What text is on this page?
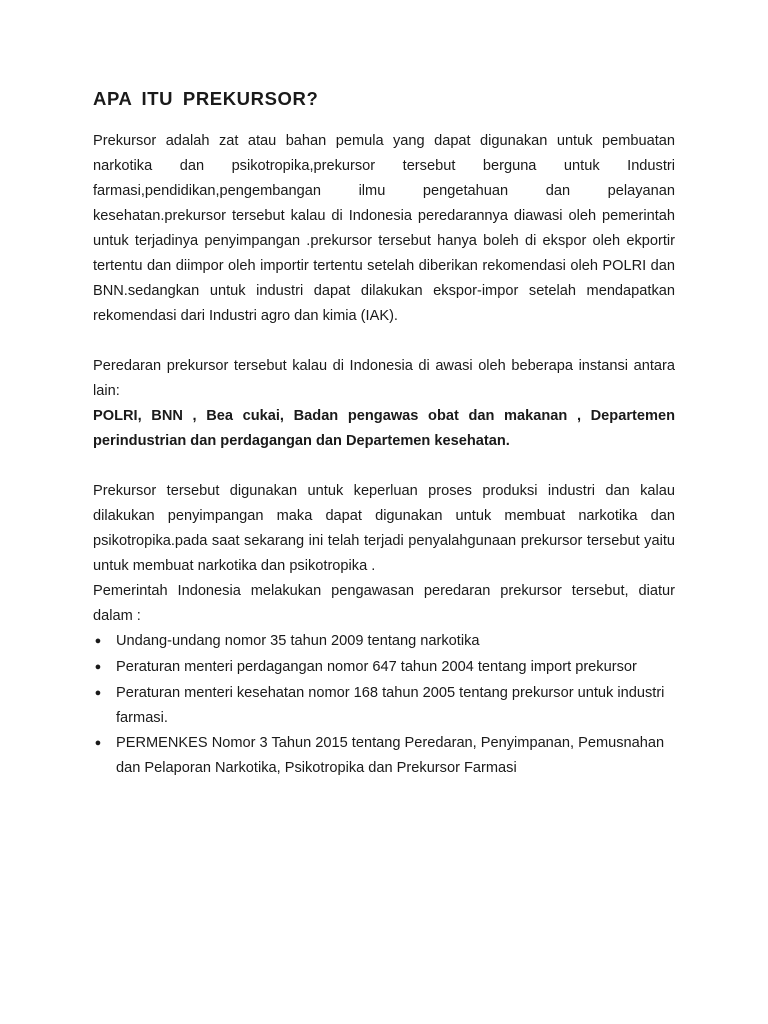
APA ITU PREKURSOR?

Prekursor adalah zat atau bahan pemula yang dapat digunakan untuk pembuatan narkotika dan psikotropika,prekursor tersebut berguna untuk Industri farmasi,pendidikan,pengembangan ilmu pengetahuan dan pelayanan kesehatan.prekursor tersebut kalau di Indonesia peredarannya diawasi oleh pemerintah untuk terjadinya penyimpangan .prekursor tersebut hanya boleh di ekspor oleh ekportir tertentu dan diimpor oleh importir tertentu setelah diberikan rekomendasi oleh POLRI dan BNN.sedangkan untuk industri dapat dilakukan ekspor-impor setelah mendapatkan rekomendasi dari Industri agro dan kimia (IAK).

Peredaran prekursor tersebut kalau di Indonesia di awasi oleh beberapa instansi antara lain:

POLRI, BNN , Bea cukai, Badan pengawas obat dan makanan , Departemen perindustrian dan perdagangan dan Departemen kesehatan.

Prekursor tersebut digunakan untuk keperluan proses produksi industri dan kalau dilakukan penyimpangan maka dapat digunakan untuk membuat narkotika dan psikotropika.pada saat sekarang ini telah terjadi penyalahgunaan prekursor tersebut yaitu untuk membuat narkotika dan psikotropika .

Pemerintah Indonesia melakukan pengawasan peredaran prekursor tersebut, diatur dalam :

● Undang-undang nomor 35 tahun 2009 tentang narkotika
● Peraturan menteri perdagangan nomor 647 tahun 2004 tentang import prekursor
● Peraturan menteri kesehatan nomor 168 tahun 2005 tentang prekursor untuk industri farmasi.
● PERMENKES Nomor 3 Tahun 2015 tentang Peredaran, Penyimpanan, Pemusnahan dan Pelaporan Narkotika, Psikotropika dan Prekursor Farmasi
